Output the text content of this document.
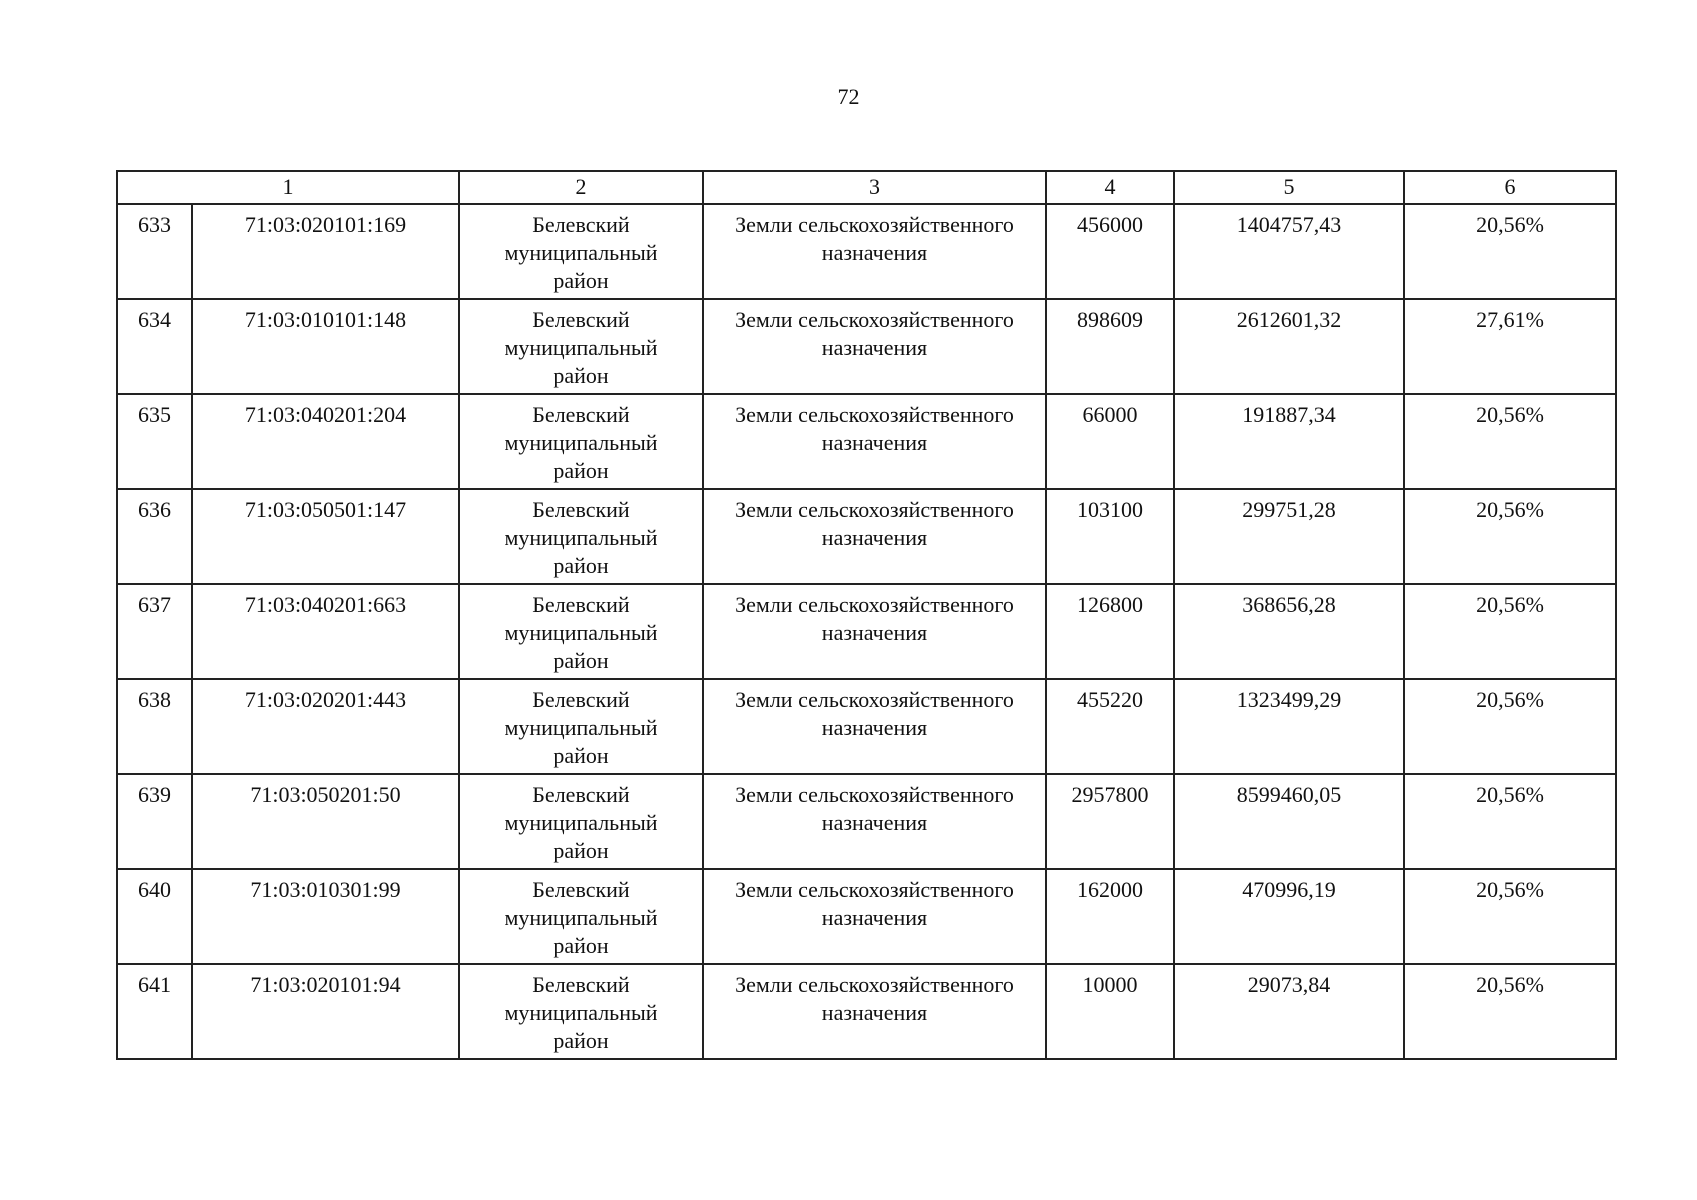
72
1		2	3	4	5	6
633	71:03:020101:169	Белевский
муниципальный
район	Земли сельскохозяйственного
назначения	456000	1404757,43	20,56%
634	71:03:010101:148	Белевский
муниципальный
район	Земли сельскохозяйственного
назначения	898609	2612601,32	27,61%
635	71:03:040201:204	Белевский
муниципальный
район	Земли сельскохозяйственного
назначения	66000	191887,34	20,56%
636	71:03:050501:147	Белевский
муниципальный
район	Земли сельскохозяйственного
назначения	103100	299751,28	20,56%
637	71:03:040201:663	Белевский
муниципальный
район	Земли сельскохозяйственного
назначения	126800	368656,28	20,56%
638	71:03:020201:443	Белевский
муниципальный
район	Земли сельскохозяйственного
назначения	455220	1323499,29	20,56%
639	71:03:050201:50	Белевский
муниципальный
район	Земли сельскохозяйственного
назначения	2957800	8599460,05	20,56%
640	71:03:010301:99	Белевский
муниципальный
район	Земли сельскохозяйственного
назначения	162000	470996,19	20,56%
641	71:03:020101:94	Белевский
муниципальный
район	Земли сельскохозяйственного
назначения	10000	29073,84	20,56%
